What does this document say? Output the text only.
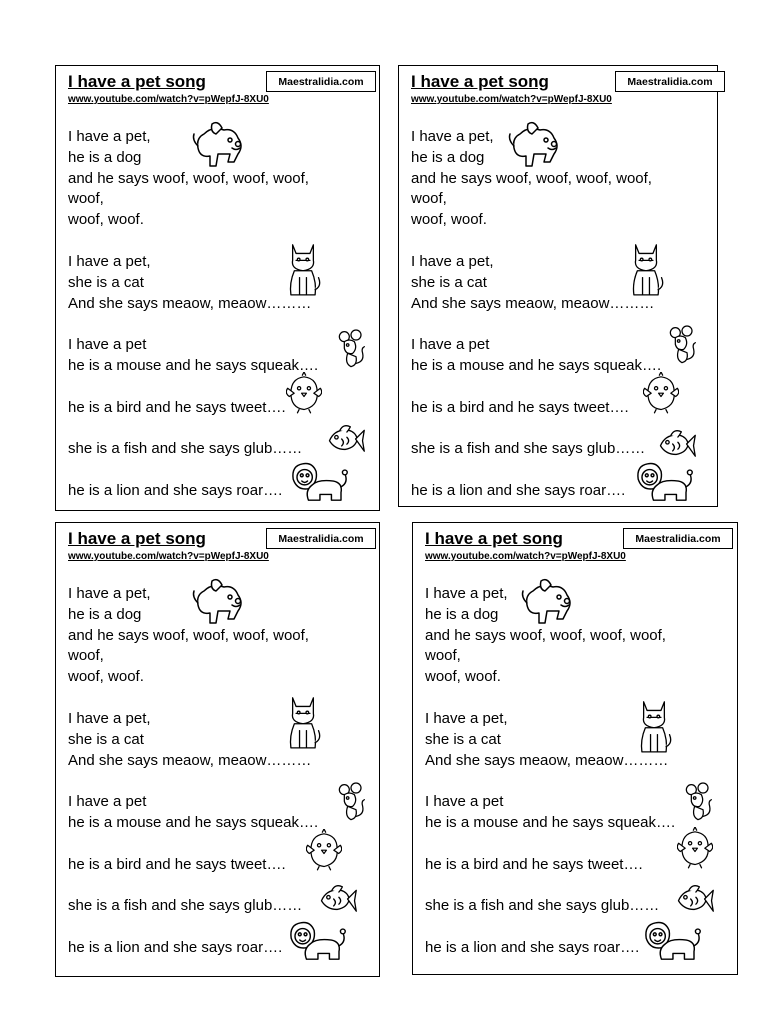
I have a pet song
www.youtube.com/watch?v=pWepfJ-8XU0
Maestralidia.com
I have a pet,
he is a dog
and he says woof, woof, woof, woof,
woof,
woof, woof.
I have a pet,
she is a cat
And she says meaow, meaow………
I have a pet
he is a mouse and he says squeak….
he is a bird and he says tweet….
she is a fish and she says glub……
he is a lion and she says roar….
I have a pet song
www.youtube.com/watch?v=pWepfJ-8XU0
Maestralidia.com
I have a pet,
he is a dog
and he says woof, woof, woof, woof,
woof,
woof, woof.
I have a pet,
she is a cat
And she says meaow, meaow………
I have a pet
he is a mouse and he says squeak….
he is a bird and he says tweet….
she is a fish and she says glub……
he is a lion and she says roar….
I have a pet song
www.youtube.com/watch?v=pWepfJ-8XU0
Maestralidia.com
I have a pet,
he is a dog
and he says woof, woof, woof, woof,
woof,
woof, woof.
I have a pet,
she is a cat
And she says meaow, meaow………
I have a pet
he is a mouse and he says squeak….
he is a bird and he says tweet….
she is a fish and she says glub……
he is a lion and she says roar….
I have a pet song
www.youtube.com/watch?v=pWepfJ-8XU0
Maestralidia.com
I have a pet,
he is a dog
and he says woof, woof, woof, woof,
woof,
woof, woof.
I have a pet,
she is a cat
And she says meaow, meaow………
I have a pet
he is a mouse and he says squeak….
he is a bird and he says tweet….
she is a fish and she says glub……
he is a lion and she says roar….
